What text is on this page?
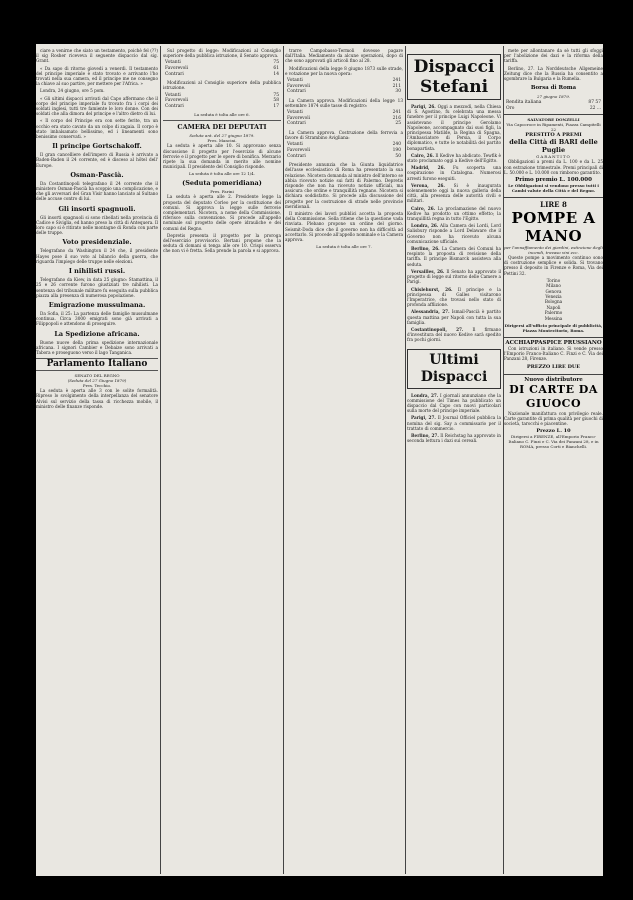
ciare a venirne che siato un testamento, poichè fel (??) il sig Rosher riceveva il seguente dispaccio dal sig. Grant.

« Da sapo di ritorno giovedi a venerdi. Il testamento del principe imperiale è stato trovato e arrivanto l'ho trovati nella sua camera, ed il principe me ne consegno la chiave al suo partire, per mettere per l'Africa. »

Londra, 24 giugno, ore 5 pom.

« Gli ultimi dispacci arrivati dal Capo affermano che il corpo del principe imperiale fu trovato fra i corpi dei soldati inglesi, tutti tre famiente le loro donne. Con dei soldati che alla dimora del principe e l'altro dietro di lui.

« Il corpo del Principe era con sette ferite, tra un occhio era stato cavato da un colpo di zagaia. Il corpo è stato imbalsamato bellissimo, ed i lineamenti sono benissimo conservati. »

Il principe Gortschakoff.

Il gran cancelliere dell'impero di Russia è arrivato a Baden-Baden il 24 corrente, ed è disceso al hôtel dell' Europe.

Osman-Pascià.

Da Costantinopoli telegrafano il 24 corrente che il ministero Osman-Pascià ha scoppio una complicazione, e che gli avversari del Gran Visir hanno lanciato al Sultano delle accuse contro di lui.

Gli insorti spagnuoli.

Gli insorti spagnuoli si sono ribellati nella provincia di Cadice e Siviglia, ed hanno preso la città di Antequera. Il loro capo si è ritirato nelle montagne di Ronda con parte delle truppe.

Voto presidenziale.

Telegrafano da Washington il 24 che, il presidente Hayes pose il suo voto al bilancio della guerra, che riguarda l'impiego delle truppe nelle elezioni.

I nihilisti russi.

Telegrafano da Kiew, in data 25 giugno: Stamattina, il 25 e 26 corrente furono giustiziati tre nihilisti. La sentenza del tribunale militare fu eseguita sulla pubblica piazza alla presenza di numerosa popolazione.

Emigrazione mussulmana.

Da Sofia, il 25: La partenza delle famiglie mussulmane continua. Circa 3000 emigrati sono già arrivati a Filippopoli e attendono di proseguire.

La Spedizione africana.

Buone nuove della prima spedizione internazionale africana. I signori Cambier e Debaize sono arrivati a Tabora e proseguono verso il lago Tanganica.

Parlamento Italiano
SENATO DEL REGNO
(Seduta del 27 Giugno 1879)
Pres. Tecchio.

La seduta è aperta alle 3 con le solite formalità. Ripreso lo svolgimento della interpellanza del senatore Alvisi sul servizio della tassa di ricchezza mobile, il ministro delle finanze risponde.

Sul progetto di legge: Modificazioni al Consiglio superiore della pubblica istruzione, il Senato approva.

Votanti	75
Favorevoli	61
Contrari	14

Modificazioni al Consiglio superiore della pubblica istruzione.

Votanti	75
Favorevoli	58
Contrari	17
La seduta è tolta alle ore 6.
CAMERA DEI DEPUTATI
Seduta ant. del 27 giugno 1879.
Pres. Mancini.

La seduta è aperta alle 10. Si approvano senza discussione il progetto per l'esercizio di alcune ferrovie e il progetto per le opere di bonifica. Merzario ripete la sua domanda in merito alle nomine municipali. Il presidente del Consiglio risponde.

La seduta è tolta alle ore 12 1/4.
(Seduta pomeridiana)
Pres. Farini

La seduta è aperta alle 2. Presidente legge la proposta del deputato Corleo per la costituzione dei comuni. Si approva la legge sulle ferrovie complementari. Nicotera, a nome della Commissione, riferisce sulla convenzione. Si procede all'appello nominale sul progetto delle opere idrauliche e dei comuni del Regno.

Depretis presenta il progetto per la proroga dell'esercizio provvisorio. Bertani propone che la seduta di domani si tenga alle ore 10. Crispi osserva che non vi è fretta. Sella prende la parola e si approva.

trarre Campobasso-Termoli dovesse pagare dall'Italia. Mediamento da alcune operazioni, dopo di che sono approvati gli articoli fino al 28.

Modificazioni della legge 8 giugno 1873 sulle strade, e votazione per la nuova opera:

Votanti	241
Favorevoli	211
Contrari	30

La Camera approva. Modificazioni della legge 13 settembre 1874 sulle tasse di registro:

Votanti	241
Favorevoli	216
Contrari	25

La Camera approva. Costruzione della ferrovia a favore di Strambino Avigliana:

Votanti	240
Favorevoli	190
Contrari	50

Presidente annunzia che la Giunta liquidatrice dell'asse ecclesiastico di Roma ha presentato la sua relazione. Nicotera domanda al ministro dell'interno se abbia ricevuto notizie sui fatti di Palermo. Depretis risponde che non ha ricevuto notizie ufficiali, ma assicura che ordine e tranquillità regnano. Nicotera si dichiara soddisfatto. Si procede alla discussione del progetto per la costruzione di strade nelle provincie meridionali.

Il ministro dei lavori pubblici accetta la proposta della Commissione. Sella ritiene che la questione vada rinviata. Plebano propone un ordine del giorno. Seismit-Doda dice che il governo non ha difficoltà ad accettarlo. Si procede all'appello nominale e la Camera approva.

La seduta è tolta alle ore 7.
Dispacci Stefani

Parigi, 26. Oggi a mezzodì, nella Chiesa di S. Agostino, fu celebrata una messa funebre per il principe Luigi Napoleone. Vi assistevano il principe Gerolamo Napoleone, accompagnato dai suoi figli, la principessa Matilde, la Regina di Spagna, l'Ambasciatore di Persia, il Corpo diplomatico, e tutte le notabilità del partito bonapartista.

Cairo, 26. Il Kedive ha abdicato. Tewfik è stato proclamato oggi a Kedive dell'Egitto.

Madrid, 26. Fu scoperta una cospirazione in Catalogna. Numerosi arresti furono eseguiti.

Verona, 26. Si è inaugurata solennemente oggi la nuova galleria della città, alla presenza delle autorità civili e militari.

Cairo, 26. La proclamazione del nuovo Kedive ha prodotto un ottimo effetto; la tranquillità regna in tutto l'Egitto.

Londra, 26. Alla Camera dei Lordi, Lord Salisbury risponde a Lord Delaware che il Governo non ha ricevuto alcuna comunicazione ufficiale.

Berlino, 26. La Camera dei Comuni ha respinto la proposta di revisione della tariffa. Il principe Bismarck assisteva alla seduta.

Versailles, 26. Il Senato ha approvato il progetto di legge sul ritorno delle Camere a Parigi.

Chislehurst, 26. Il principe e la principessa di Galles visitarono l'Imperatrice, che trovasi nello stato di profonda afflizione.

Alessandria, 27. Ismail-Pascià è partito questa mattina per Napoli con tutta la sua famiglia.

Costantinopoli, 27. Il firmano d'investitura del nuovo Kedive sarà spedito fra pochi giorni.

Ultimi Dispacci

Londra, 27. I giornali annunziano che la commissione del Times ha pubblicato un dispaccio dal Capo con nuovi particolari sulla morte del principe imperiale.

Parigi, 27. Il Journal Officiel pubblica la nomina del sig. Say a commissario per il trattato di commercio.

Berlino, 27. Il Reichstag ha approvato in seconda lettura i dazi sui cereali.

mete per allontanare da sè tutti gli sfoggi per l'abolizione dei dazi e la riforma della tariffa.

Berlino, 27. La Norddeutsche Allgemeine Zeitung dice che la Russia ha consentito a sgombrare la Bulgaria e la Rumelia.

Borsa di Roma
27 giugno 1879.
Rendita italiana	87 57
Oro	22 ...
SALVATORE DONZELLI
Via Capocroce in Ripamenti, Piazza Campitelli 22
PRESTITO A PREMI
della Città di BARI delle Puglie
GARANTITO

Obbligazioni a premi da L. 100 e da L. 25 con estrazione trimestrale. Premi principali di L. 50.000 e L. 10.000 con rimborso garantito.

Primo premio L. 100.000
Le Obbligazioni si vendono presso tutti i Cambi valute della Città e del Regno.
LIRE 8
POMPE A MANO
per l'annaffiamento dei giardini, estinzione degli incendi, travaso vini ecc.

Queste pompe a movimento continuo sono di costruzione semplice e solida. Si trovano presso il deposito in Firenze e Roma, Via dei Pettini 32.

Torino
Milano
Genova
Venezia
Bologna
Napoli
Palermo
Messina
Dirigersi all'ufficio principale di pubblicità, Piazza Montecitorio, Roma.
ACCHIAPPASPICE PRUSSIANO

Con istruzioni in italiano. Si vende presso l'Emporio Franco-Italiano C. Finzi e C. Via dei Panzani 28, Firenze.

PREZZO LIRE DUE
Nuovo distributore
DI CARTE DA GIUOCO

Nazionale manifattura con privilegio reale. Carte garantite di prima qualità per giuochi di società, tarocchi e piacentine.

Prezzo L. 10
Dirigersi a FIRENZE, all'Emporio Franco-Italiano C. Finzi e C. Via dei Panzani 28, e in ROMA, presso Corti e Bianchelli.
